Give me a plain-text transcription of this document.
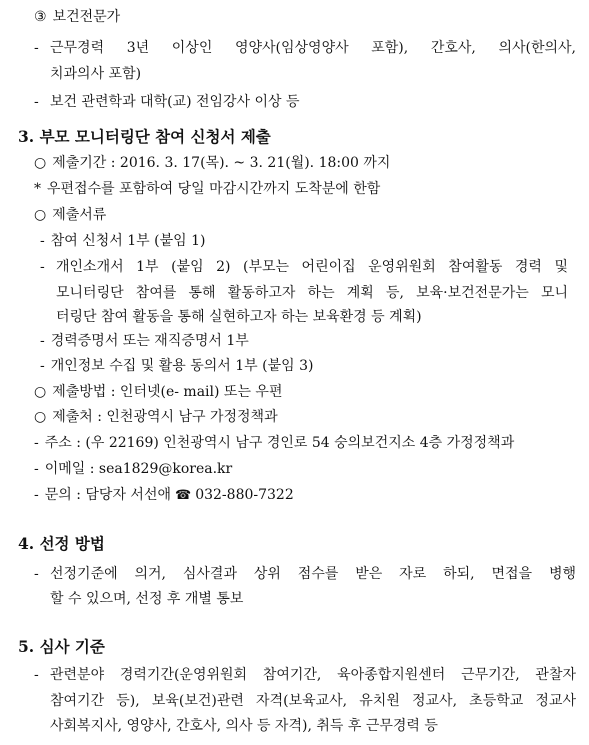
③ 보건전문가
- 근무경력 3년 이상인 영양사(임상영양사 포함), 간호사, 의사(한의사,
치과의사 포함)
- 보건 관련학과 대학(교) 전임강사 이상 등
3. 부모 모니터링단 참여 신청서 제출
○ 제출기간 : 2016. 3. 17(목). ~ 3. 21(월). 18:00 까지
* 우편접수를 포함하여 당일 마감시간까지 도착분에 한함
○ 제출서류
- 참여 신청서 1부 (붙임 1)
- 개인소개서 1부 (붙임 2) (부모는 어린이집 운영위원회 참여활동 경력 및
모니터링단 참여를 통해 활동하고자 하는 계획 등, 보육·보건전문가는 모니
터링단 참여 활동을 통해 실현하고자 하는 보육환경 등 계획)
- 경력증명서 또는 재직증명서 1부
- 개인정보 수집 및 활용 동의서 1부 (붙임 3)
○ 제출방법 : 인터넷(e- mail) 또는 우편
○ 제출처 : 인천광역시 남구 가정정책과
- 주소 : (우 22169) 인천광역시 남구 경인로 54 숭의보건지소 4층 가정정책과
- 이메일 : sea1829@korea.kr
- 문의 : 담당자 서선애 ☎ 032-880-7322
4. 선정 방법
- 선정기준에 의거, 심사결과 상위 점수를 받은 자로 하되, 면접을 병행
할 수 있으며, 선정 후 개별 통보
5. 심사 기준
- 관련분야 경력기간(운영위원회 참여기간, 육아종합지원센터 근무기간, 관찰자
참여기간 등), 보육(보건)관련 자격(보육교사, 유치원 정교사, 초등학교 정교사
사회복지사, 영양사, 간호사, 의사 등 자격), 취득 후 근무경력 등
